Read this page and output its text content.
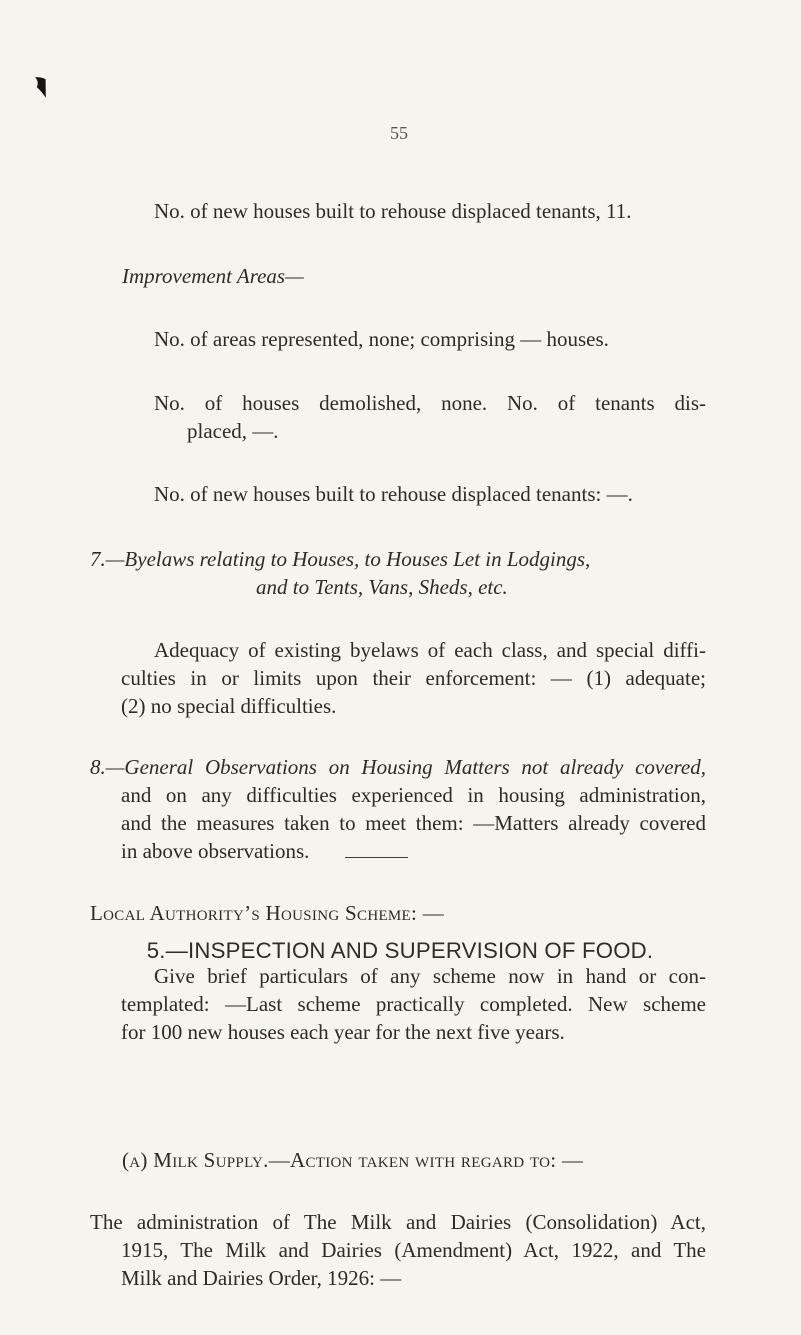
55
No. of new houses built to rehouse displaced tenants, 11.
Improvement Areas—
No. of areas represented, none; comprising — houses.
No. of houses demolished, none. No. of tenants dis-
placed, —.
No. of new houses built to rehouse displaced tenants: —.
7.—Byelaws relating to Houses, to Houses Let in Lodgings,
and to Tents, Vans, Sheds, etc.
Adequacy of existing byelaws of each class, and special diffi-
culties in or limits upon their enforcement: — (1) adequate;
(2) no special difficulties.
8.—General Observations on Housing Matters not already covered,
and on any difficulties experienced in housing administration,
and the measures taken to meet them: —Matters already covered
in above observations.
Local Authority’s Housing Scheme: —
Give brief particulars of any scheme now in hand or con-
templated: —Last scheme practically completed. New scheme
for 100 new houses each year for the next five years.
5.—INSPECTION AND SUPERVISION OF FOOD.
(a) Milk Supply.—Action taken with regard to: —
The administration of The Milk and Dairies (Consolidation) Act,
1915, The Milk and Dairies (Amendment) Act, 1922, and The
Milk and Dairies Order, 1926: —
